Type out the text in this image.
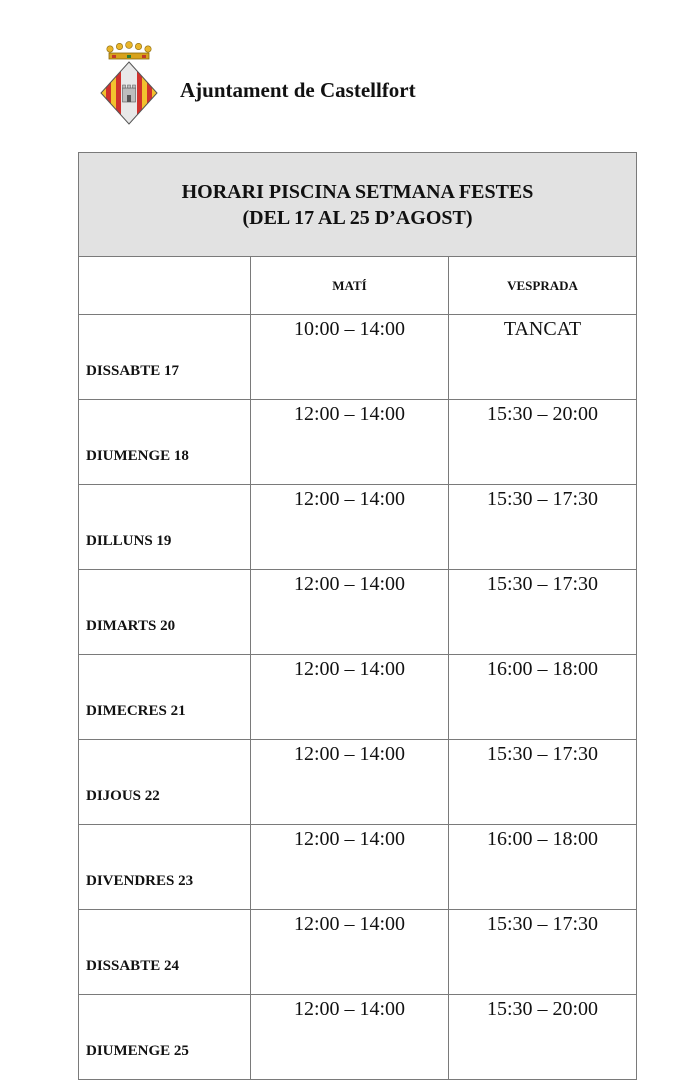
Ajuntament de Castellfort
HORARI PISCINA SETMANA FESTES
(DEL 17 AL 25 D’AGOST)		

	MATÍ	VESPRADA
DISSABTE 17	10:00 – 14:00	TANCAT
DIUMENGE 18	12:00 – 14:00	15:30 – 20:00
DILLUNS 19	12:00 – 14:00	15:30 – 17:30
DIMARTS 20	12:00 – 14:00	15:30 – 17:30
DIMECRES 21	12:00 – 14:00	16:00 – 18:00
DIJOUS 22	12:00 – 14:00	15:30 – 17:30
DIVENDRES 23	12:00 – 14:00	16:00 – 18:00
DISSABTE 24	12:00 – 14:00	15:30 – 17:30
DIUMENGE 25	12:00 – 14:00	15:30 – 20:00
